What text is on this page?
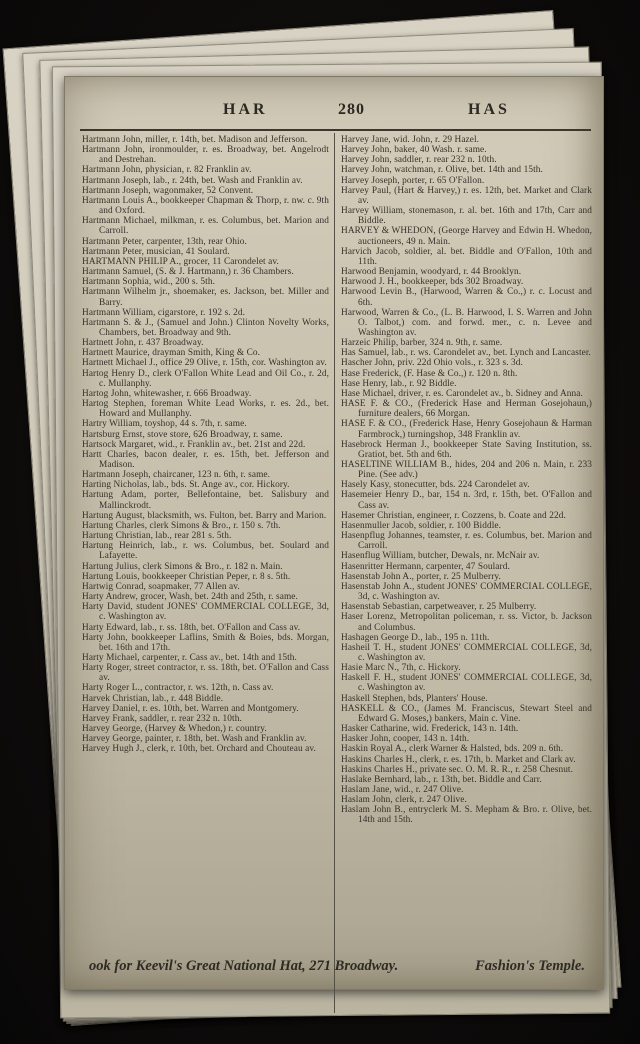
HAR	280	HAS
Hartmann John, miller, r. 14th, bet. Madison and Jefferson.
Hartmann John, ironmoulder, r. es. Broadway, bet. Angelrodt and Destrehan.
Hartmann John, physician, r. 82 Franklin av.
Hartmann Joseph, lab., r. 24th, bet. Wash and Franklin av.
Hartmann Joseph, wagonmaker, 52 Convent.
Hartmann Louis A., bookkeeper Chapman & Thorp, r. nw. c. 9th and Oxford.
Hartmann Michael, milkman, r. es. Columbus, bet. Marion and Carroll.
Hartmann Peter, carpenter, 13th, rear Ohio.
Hartmann Peter, musician, 41 Soulard.
HARTMANN PHILIP A., grocer, 11 Carondelet av.
Hartmann Samuel, (S. & J. Hartmann,) r. 36 Chambers.
Hartmann Sophia, wid., 200 s. 5th.
Hartmann Wilhelm jr., shoemaker, es. Jackson, bet. Miller and Barry.
Hartmann William, cigarstore, r. 192 s. 2d.
Hartmann S. & J., (Samuel and John.) Clinton Novelty Works, Chambers, bet. Broadway and 9th.
Hartnett John, r. 437 Broadway.
Hartnett Maurice, drayman Smith, King & Co.
Hartnett Michael J., office 29 Olive, r. 15th, cor. Washington av.
Hartog Henry D., clerk O'Fallon White Lead and Oil Co., r. 2d, c. Mullanphy.
Hartog John, whitewasher, r. 666 Broadway.
Hartog Stephen, foreman White Lead Works, r. es. 2d., bet. Howard and Mullanphy.
Hartry William, toyshop, 44 s. 7th, r. same.
Hartsburg Ernst, stove store, 626 Broadway, r. same.
Hartsock Margaret, wid., r. Franklin av., bet. 21st and 22d.
Hartt Charles, bacon dealer, r. es. 15th, bet. Jefferson and Madison.
Hartmann Joseph, chaircaner, 123 n. 6th, r. same.
Harting Nicholas, lab., bds. St. Ange av., cor. Hickory.
Hartung Adam, porter, Bellefontaine, bet. Salisbury and Mallinckrodt.
Hartung August, blacksmith, ws. Fulton, bet. Barry and Marion.
Hartung Charles, clerk Simons & Bro., r. 150 s. 7th.
Hartung Christian, lab., rear 281 s. 5th.
Hartung Heinrich, lab., r. ws. Columbus, bet. Soulard and Lafayette.
Hartung Julius, clerk Simons & Bro., r. 182 n. Main.
Hartung Louis, bookkeeper Christian Peper, r. 8 s. 5th.
Hartwig Conrad, soapmaker, 77 Allen av.
Harty Andrew, grocer, Wash, bet. 24th and 25th, r. same.
Harty David, student JONES' COMMERCIAL COLLEGE, 3d, c. Washington av.
Harty Edward, lab., r. ss. 18th, bet. O'Fallon and Cass av.
Harty John, bookkeeper Laflins, Smith & Boies, bds. Morgan, bet. 16th and 17th.
Harty Michael, carpenter, r. Cass av., bet. 14th and 15th.
Harty Roger, street contractor, r. ss. 18th, bet. O'Fallon and Cass av.
Harty Roger L., contractor, r. ws. 12th, n. Cass av.
Harvek Christian, lab., r. 448 Biddle.
Harvey Daniel, r. es. 10th, bet. Warren and Montgomery.
Harvey Frank, saddler, r. rear 232 n. 10th.
Harvey George, (Harvey & Whedon,) r. country.
Harvey George, painter, r. 18th, bet. Wash and Franklin av.
Harvey Hugh J., clerk, r. 10th, bet. Orchard and Chouteau av.
Harvey Jane, wid. John, r. 29 Hazel.
Harvey John, baker, 40 Wash. r. same.
Harvey John, saddler, r. rear 232 n. 10th.
Harvey John, watchman, r. Olive, bet. 14th and 15th.
Harvey Joseph, porter, r. 65 O'Fallon.
Harvey Paul, (Hart & Harvey,) r. es. 12th, bet. Market and Clark av.
Harvey William, stonemason, r. al. bet. 16th and 17th, Carr and Biddle.
HARVEY & WHEDON, (George Harvey and Edwin H. Whedon, auctioneers, 49 n. Main.
Harvich Jacob, soldier, al. bet. Biddle and O'Fallon, 10th and 11th.
Harwood Benjamin, woodyard, r. 44 Brooklyn.
Harwood J. H., bookkeeper, bds 302 Broadway.
Harwood Levin B., (Harwood, Warren & Co.,) r. c. Locust and 6th.
Harwood, Warren & Co., (L. B. Harwood, I. S. Warren and John O. Talbot,) com. and forwd. mer., c. n. Levee and Washington av.
Harzeic Philip, barber, 324 n. 9th, r. same.
Has Samuel, lab., r. ws. Carondelet av., bet. Lynch and Lancaster.
Hascher John, priv. 22d Ohio vols., r. 323 s. 3d.
Hase Frederick, (F. Hase & Co.,) r. 120 n. 8th.
Hase Henry, lab., r. 92 Biddle.
Hase Michael, driver, r. es. Carondelet av., b. Sidney and Anna.
HASE F. & CO., (Frederick Hase and Herman Gosejohaun,) furniture dealers, 66 Morgan.
HASE F. & CO., (Frederick Hase, Henry Gosejohaun & Harman Farmbrock,) turningshop, 348 Franklin av.
Hasebrock Herman J., bookkeeper State Saving Institution, ss. Gratiot, bet. 5th and 6th.
HASELTINE WILLIAM B., hides, 204 and 206 n. Main, r. 233 Pine. (See adv.)
Hasely Kasy, stonecutter, bds. 224 Carondelet av.
Hasemeier Henry D., bar, 154 n. 3rd, r. 15th, bet. O'Fallon and Cass av.
Hasemer Christian, engineer, r. Cozzens, b. Coate and 22d.
Hasenmuller Jacob, soldier, r. 100 Biddle.
Hasenpflug Johannes, teamster, r. es. Columbus, bet. Marion and Carroll.
Hasenflug William, butcher, Dewals, nr. McNair av.
Hasenritter Hermann, carpenter, 47 Soulard.
Hasenstab John A., porter, r. 25 Mulberry.
Hasenstab John A., student JONES' COMMERCIAL COLLEGE, 3d, c. Washington av.
Hasenstab Sebastian, carpetweaver, r. 25 Mulberry.
Haser Lorenz, Metropolitan policeman, r. ss. Victor, b. Jackson and Columbus.
Hashagen George D., lab., 195 n. 11th.
Hasheil T. H., student JONES' COMMERCIAL COLLEGE, 3d, c. Washington av.
Hasie Marc N., 7th, c. Hickory.
Haskell F. H., student JONES' COMMERCIAL COLLEGE, 3d, c. Washington av.
Haskell Stephen, bds, Planters' House.
HASKELL & CO., (James M. Franciscus, Stewart Steel and Edward G. Moses,) bankers, Main c. Vine.
Hasker Catharine, wid. Frederick, 143 n. 14th.
Hasker John, cooper, 143 n. 14th.
Haskin Royal A., clerk Warner & Halsted, bds. 209 n. 6th.
Haskins Charles H., clerk, r. es. 17th, b. Market and Clark av.
Haskins Charles H., private sec. O. M. R. R., r. 258 Chesnut.
Haslake Bernhard, lab., r. 13th, bet. Biddle and Carr.
Haslam Jane, wid., r. 247 Olive.
Haslam John, clerk, r. 247 Olive.
Haslam John B., entryclerk M. S. Mepham & Bro. r. Olive, bet. 14th and 15th.
ook for Keevil's Great National Hat, 271 Broadway.	Fashion's Temple.
